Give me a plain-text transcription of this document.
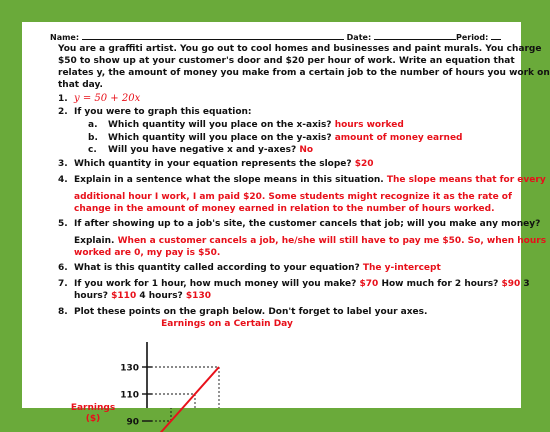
Name:	Date:	Period:
You are a graffiti artist. You go out to cool homes and businesses and paint murals. You charge
$50 to show up at your customer's door and $20 per hour of work. Write an equation that
relates y, the amount of money you make from a certain job to the number of hours you work on
that day.
1. y = 50 + 20x
2. If you were to graph this equation:
a. Which quantity will you place on the x-axis? hours worked
b. Which quantity will you place on the y-axis? amount of money earned
c. Will you have negative x and y-axes? No
3. Which quantity in your equation represents the slope? $20
4. Explain in a sentence what the slope means in this situation. The slope means that for every
additional hour I work, I am paid $20. Some students might recognize it as the rate of
change in the amount of money earned in relation to the number of hours worked.
5. If after showing up to a job's site, the customer cancels that job; will you make any money?
Explain. When a customer cancels a job, he/she will still have to pay me $50. So, when hours
worked are 0, my pay is $50.
6. What is this quantity called according to your equation? The y-intercept
7. If you work for 1 hour, how much money will you make? $70 How much for 2 hours? $90 3
hours? $110 4 hours? $130
8. Plot these points on the graph below. Don't forget to label your axes.
Earnings on a Certain Day
Earnings
($)	90
110
130
